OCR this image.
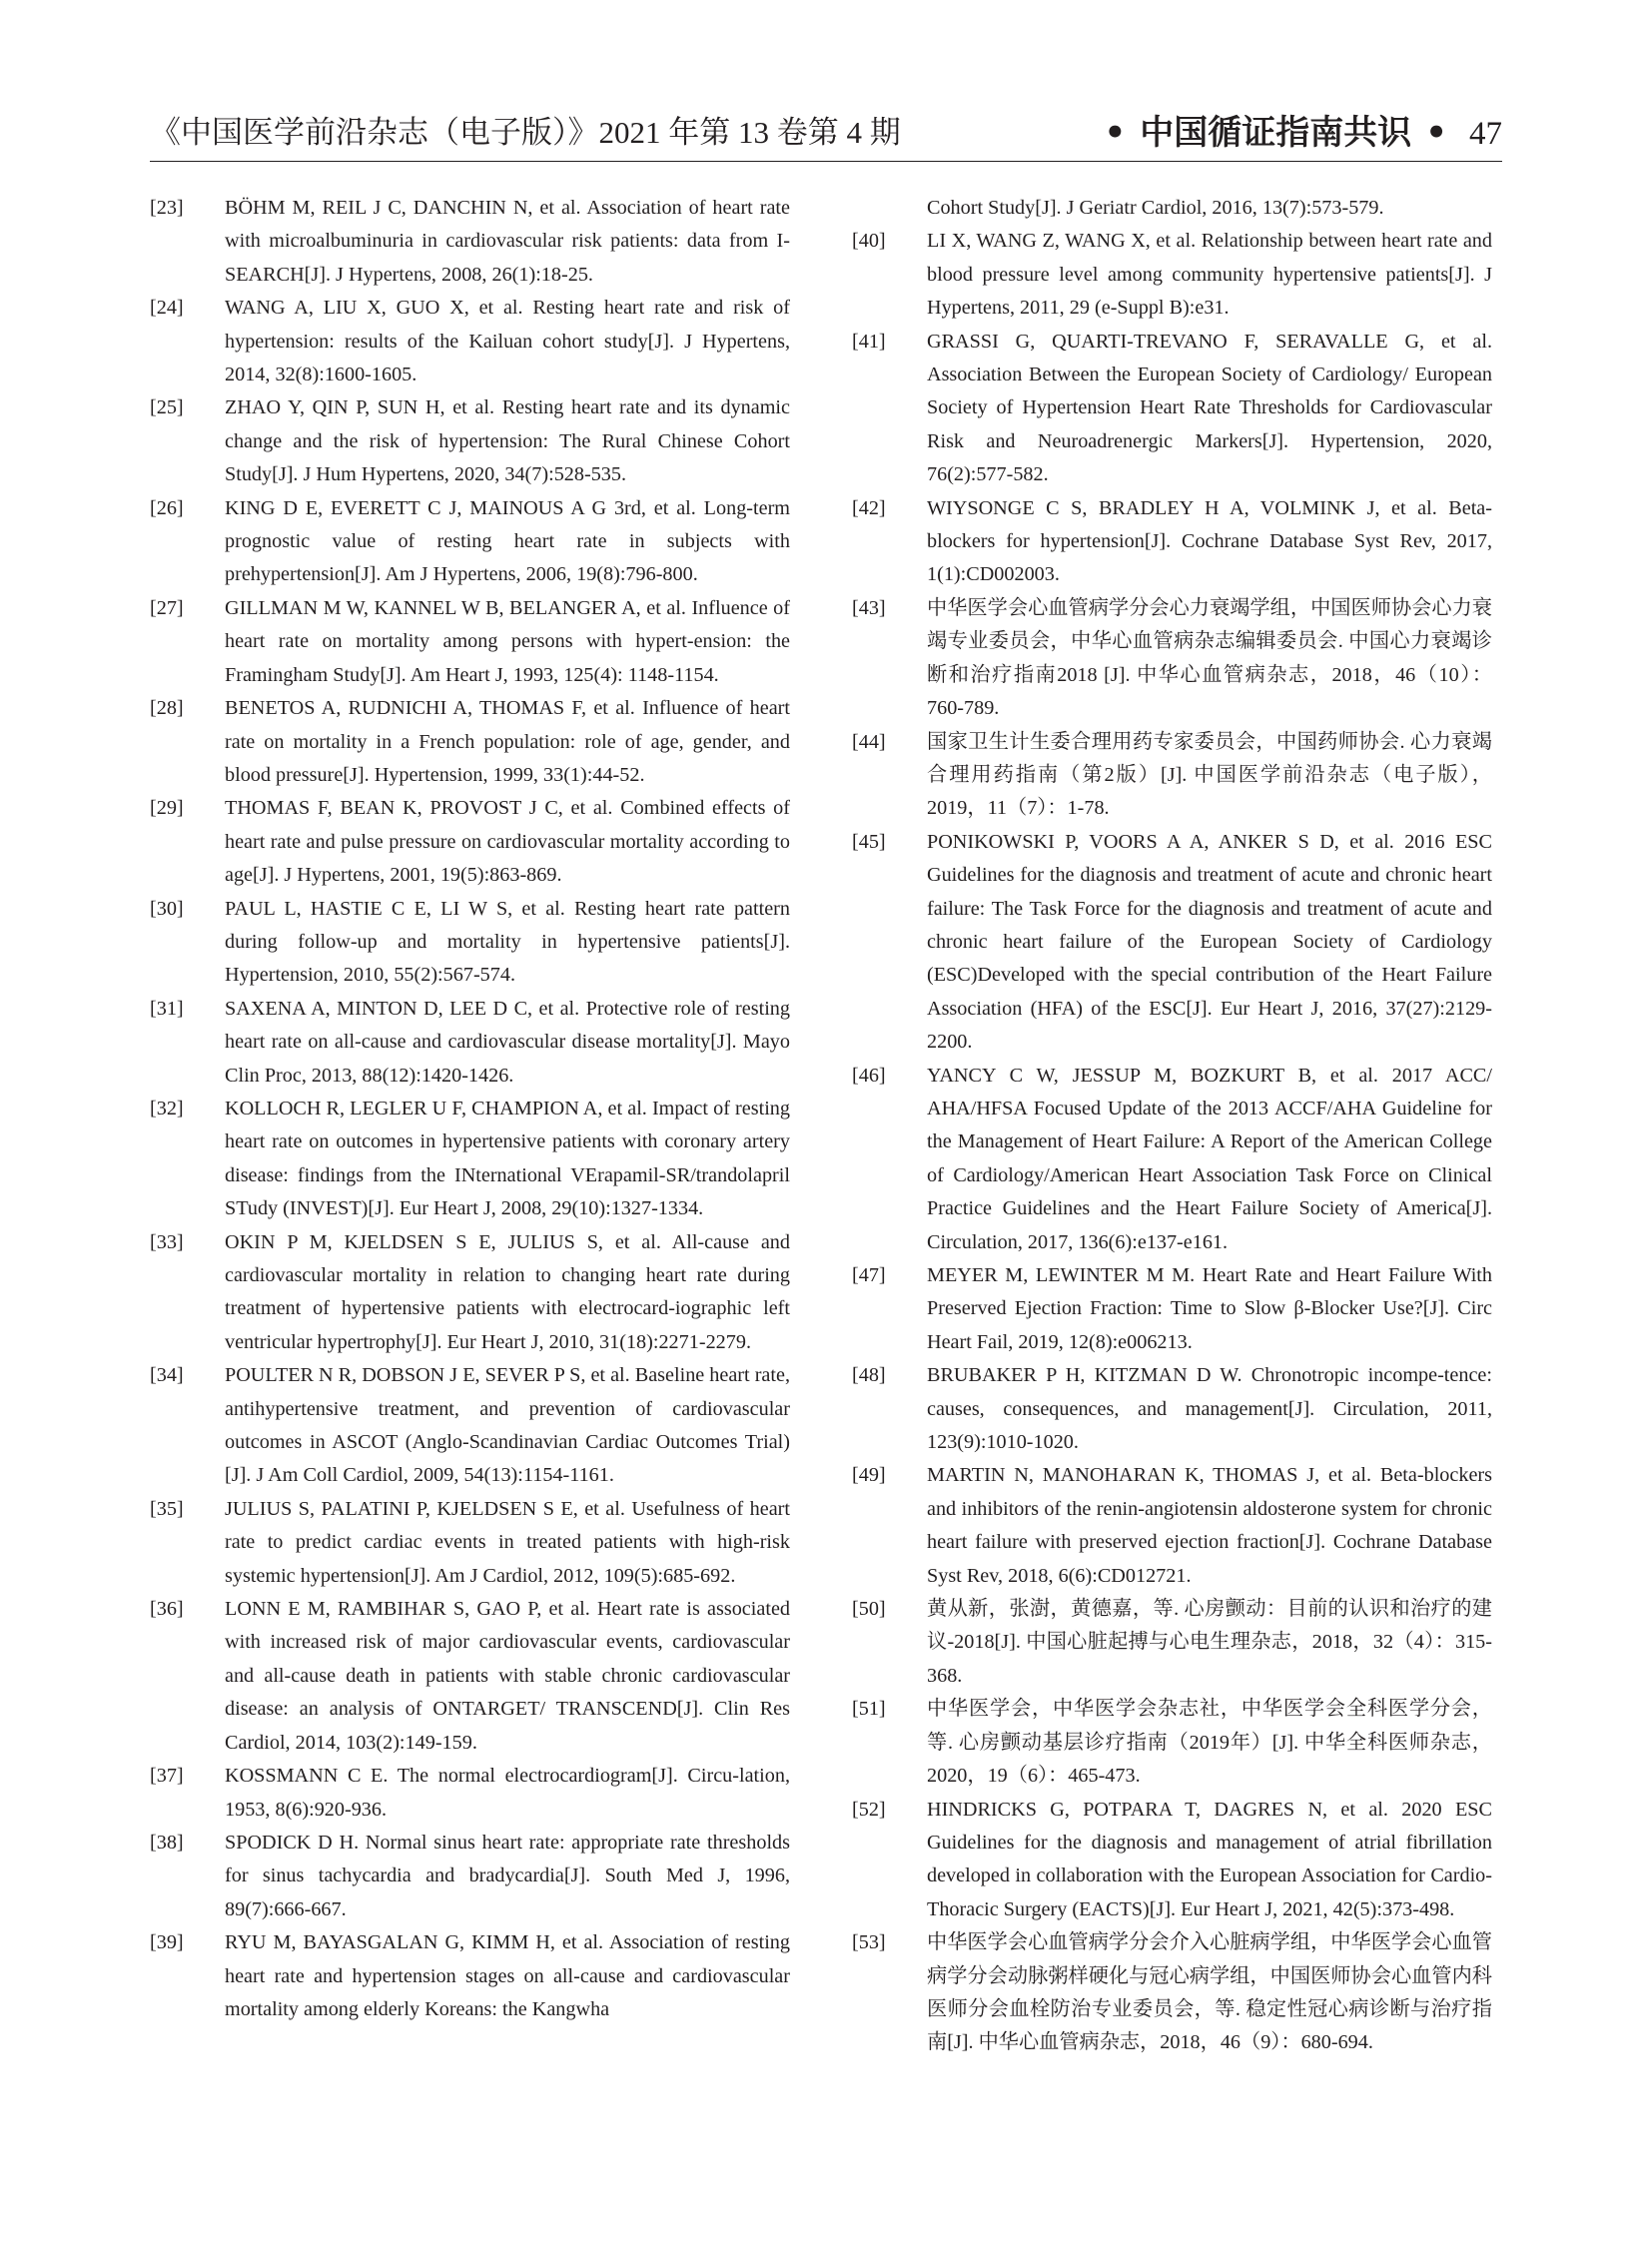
《中国医学前沿杂志（电子版）》2021 年第 13 卷第 4 期	• 中国循证指南共识 • 47
[23]	BÖHM M, REIL J C, DANCHIN N, et al. Association of heart rate with microalbuminuria in cardiovascular risk patients: data from I-SEARCH[J]. J Hypertens, 2008, 26(1):18-25.
[24]	WANG A, LIU X, GUO X, et al. Resting heart rate and risk of hypertension: results of the Kailuan cohort study[J]. J Hypertens, 2014, 32(8):1600-1605.
[25]	ZHAO Y, QIN P, SUN H, et al. Resting heart rate and its dynamic change and the risk of hypertension: The Rural Chinese Cohort Study[J]. J Hum Hypertens, 2020, 34(7):528-535.
[26]	KING D E, EVERETT C J, MAINOUS A G 3rd, et al. Long-term prognostic value of resting heart rate in subjects with prehypertension[J]. Am J Hypertens, 2006, 19(8):796-800.
[27]	GILLMAN M W, KANNEL W B, BELANGER A, et al. Influence of heart rate on mortality among persons with hypert-ension: the Framingham Study[J]. Am Heart J, 1993, 125(4): 1148-1154.
[28]	BENETOS A, RUDNICHI A, THOMAS F, et al. Influence of heart rate on mortality in a French population: role of age, gender, and blood pressure[J]. Hypertension, 1999, 33(1):44-52.
[29]	THOMAS F, BEAN K, PROVOST J C, et al. Combined effects of heart rate and pulse pressure on cardiovascular mortality according to age[J]. J Hypertens, 2001, 19(5):863-869.
[30]	PAUL L, HASTIE C E, LI W S, et al. Resting heart rate pattern during follow-up and mortality in hypertensive patients[J]. Hypertension, 2010, 55(2):567-574.
[31]	SAXENA A, MINTON D, LEE D C, et al. Protective role of resting heart rate on all-cause and cardiovascular disease mortality[J]. Mayo Clin Proc, 2013, 88(12):1420-1426.
[32]	KOLLOCH R, LEGLER U F, CHAMPION A, et al. Impact of resting heart rate on outcomes in hypertensive patients with coronary artery disease: findings from the INternational VErapamil-SR/trandolapril STudy (INVEST)[J]. Eur Heart J, 2008, 29(10):1327-1334.
[33]	OKIN P M, KJELDSEN S E, JULIUS S, et al. All-cause and cardiovascular mortality in relation to changing heart rate during treatment of hypertensive patients with electrocard-iographic left ventricular hypertrophy[J]. Eur Heart J, 2010, 31(18):2271-2279.
[34]	POULTER N R, DOBSON J E, SEVER P S, et al. Baseline heart rate, antihypertensive treatment, and prevention of cardiovascular outcomes in ASCOT (Anglo-Scandinavian Cardiac Outcomes Trial)[J]. J Am Coll Cardiol, 2009, 54(13):1154-1161.
[35]	JULIUS S, PALATINI P, KJELDSEN S E, et al. Usefulness of heart rate to predict cardiac events in treated patients with high-risk systemic hypertension[J]. Am J Cardiol, 2012, 109(5):685-692.
[36]	LONN E M, RAMBIHAR S, GAO P, et al. Heart rate is associated with increased risk of major cardiovascular events, cardiovascular and all-cause death in patients with stable chronic cardiovascular disease: an analysis of ONTARGET/ TRANSCEND[J]. Clin Res Cardiol, 2014, 103(2):149-159.
[37]	KOSSMANN C E. The normal electrocardiogram[J]. Circu-lation, 1953, 8(6):920-936.
[38]	SPODICK D H. Normal sinus heart rate: appropriate rate thresholds for sinus tachycardia and bradycardia[J]. South Med J, 1996, 89(7):666-667.
[39]	RYU M, BAYASGALAN G, KIMM H, et al. Association of resting heart rate and hypertension stages on all-cause and cardiovascular mortality among elderly Koreans: the Kangwha
Cohort Study[J]. J Geriatr Cardiol, 2016, 13(7):573-579.
[40]	LI X, WANG Z, WANG X, et al. Relationship between heart rate and blood pressure level among community hypertensive patients[J]. J Hypertens, 2011, 29 (e-Suppl B):e31.
[41]	GRASSI G, QUARTI-TREVANO F, SERAVALLE G, et al. Association Between the European Society of Cardiology/ European Society of Hypertension Heart Rate Thresholds for Cardiovascular Risk and Neuroadrenergic Markers[J]. Hypertension, 2020, 76(2):577-582.
[42]	WIYSONGE C S, BRADLEY H A, VOLMINK J, et al. Beta-blockers for hypertension[J]. Cochrane Database Syst Rev, 2017, 1(1):CD002003.
[43]	中华医学会心血管病学分会心力衰竭学组，中国医师协会心力衰竭专业委员会，中华心血管病杂志编辑委员会. 中国心力衰竭诊断和治疗指南2018 [J]. 中华心血管病杂志，2018，46（10）：760-789.
[44]	国家卫生计生委合理用药专家委员会，中国药师协会. 心力衰竭合理用药指南（第2版）[J]. 中国医学前沿杂志（电子版），2019，11（7）：1-78.
[45]	PONIKOWSKI P, VOORS A A, ANKER S D, et al. 2016 ESC Guidelines for the diagnosis and treatment of acute and chronic heart failure: The Task Force for the diagnosis and treatment of acute and chronic heart failure of the European Society of Cardiology (ESC)Developed with the special contribution of the Heart Failure Association (HFA) of the ESC[J]. Eur Heart J, 2016, 37(27):2129-2200.
[46]	YANCY C W, JESSUP M, BOZKURT B, et al. 2017 ACC/ AHA/HFSA Focused Update of the 2013 ACCF/AHA Guideline for the Management of Heart Failure: A Report of the American College of Cardiology/American Heart Association Task Force on Clinical Practice Guidelines and the Heart Failure Society of America[J]. Circulation, 2017, 136(6):e137-e161.
[47]	MEYER M, LEWINTER M M. Heart Rate and Heart Failure With Preserved Ejection Fraction: Time to Slow β-Blocker Use?[J]. Circ Heart Fail, 2019, 12(8):e006213.
[48]	BRUBAKER P H, KITZMAN D W. Chronotropic incompe-tence: causes, consequences, and management[J]. Circulation, 2011, 123(9):1010-1020.
[49]	MARTIN N, MANOHARAN K, THOMAS J, et al. Beta-blockers and inhibitors of the renin-angiotensin aldosterone system for chronic heart failure with preserved ejection fraction[J]. Cochrane Database Syst Rev, 2018, 6(6):CD012721.
[50]	黄从新，张澍，黄德嘉，等. 心房颤动：目前的认识和治疗的建议-2018[J]. 中国心脏起搏与心电生理杂志，2018，32（4）：315-368.
[51]	中华医学会，中华医学会杂志社，中华医学会全科医学分会，等. 心房颤动基层诊疗指南（2019年）[J]. 中华全科医师杂志，2020，19（6）：465-473.
[52]	HINDRICKS G, POTPARA T, DAGRES N, et al. 2020 ESC Guidelines for the diagnosis and management of atrial fibrillation developed in collaboration with the European Association for Cardio-Thoracic Surgery (EACTS)[J]. Eur Heart J, 2021, 42(5):373-498.
[53]	中华医学会心血管病学分会介入心脏病学组，中华医学会心血管病学分会动脉粥样硬化与冠心病学组，中国医师协会心血管内科医师分会血栓防治专业委员会，等. 稳定性冠心病诊断与治疗指南[J]. 中华心血管病杂志，2018，46（9）：680-694.
